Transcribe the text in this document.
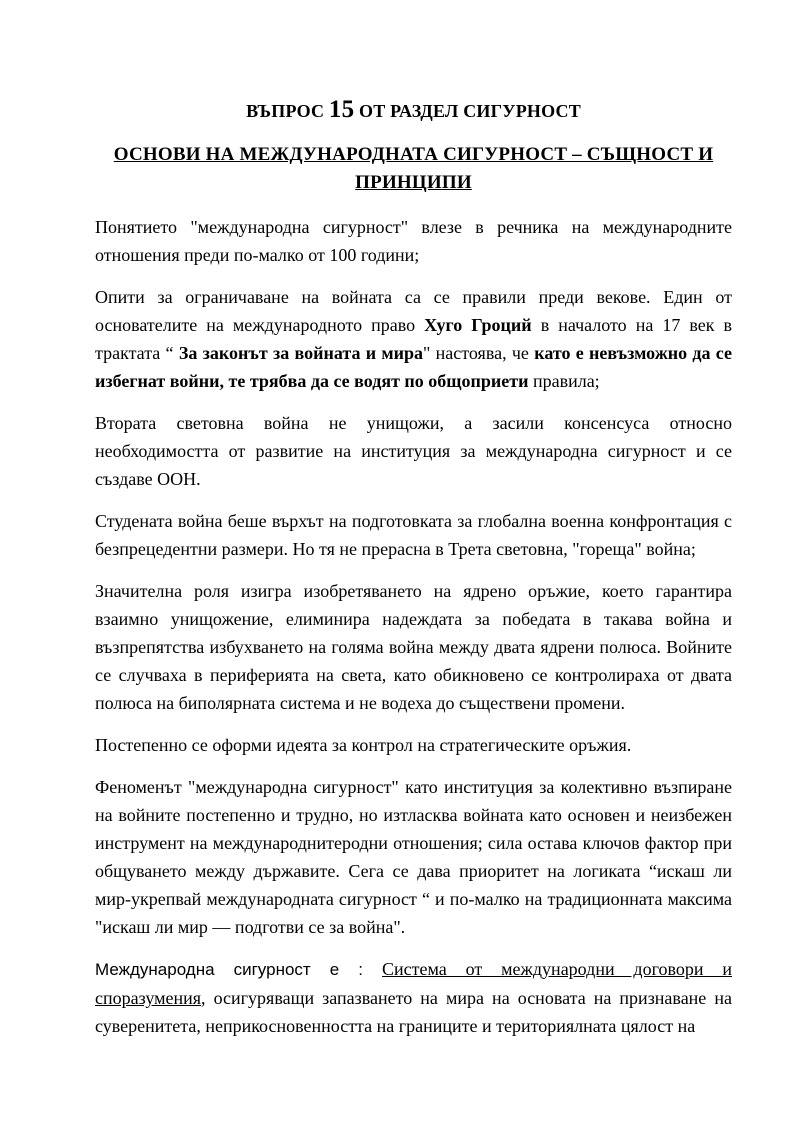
ВЪПРОС 15 ОТ РАЗДЕЛ СИГУРНОСТ
ОСНОВИ НА МЕЖДУНАРОДНАТА СИГУРНОСТ – СЪЩНОСТ И ПРИНЦИПИ

Понятието "международна сигурност" влезе в речника на международните отношения преди по-малко от 100 години;

Опити за ограничаване на войната са се правили преди векове. Един от основателите на международното право Хуго Гроций в началото на 17 век в трактата “ За законът за войната и мира" настоява, че като е невъзможно да се избегнат войни, те трябва да се водят по общоприети правила;

Втората световна война не унищожи, а засили консенсуса относно необходимостта от развитие на институция за международна сигурност и се създаве ООН.

Студената война беше върхът на подготовката за глобална военна конфронтация с безпрецедентни размери. Но тя не прерасна в Трета световна, "гореща" война;

Значителна роля изигра изобретяването на ядрено оръжие, което гарантира взаимно унищожение, елиминира надеждата за победата в такава война и възпрепятства избухването на голяма война между двата ядрени полюса. Войните се случваха в периферията на света, като обикновено се контролираха от двата полюса на биполярната система и не водеха до съществени промени.

Постепенно се оформи идеята за контрол на стратегическите оръжия.

Феноменът "международна сигурност" като институция за колективно възпиране на войните постепенно и трудно, но изтласква войната като основен и неизбежен инструмент на международнитеродни отношения; сила остава ключов фактор при общуването между държавите. Сега се дава приоритет на логиката “искаш ли мир-укрепвай международната сигурност “ и по-малко на традиционната максима "искаш ли мир — подготви се за война".

Международна сигурност е : Система от международни договори и споразумения, осигуряващи запазването на мира на основата на признаване на суверенитета, неприкосновенността на границите и териториялната цялост на
